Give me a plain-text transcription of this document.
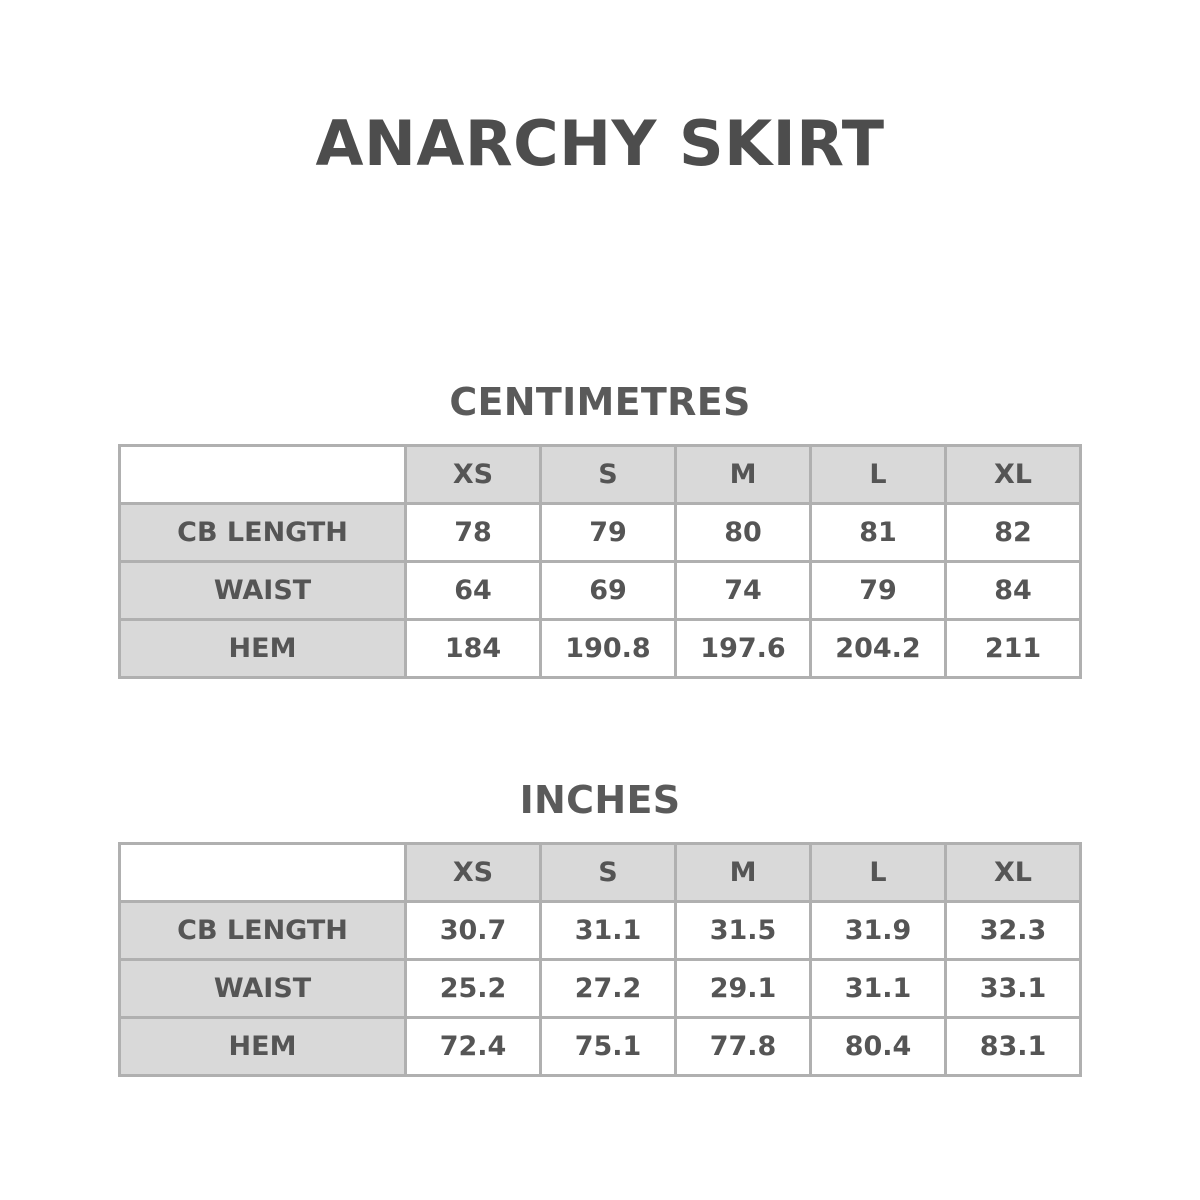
ANARCHY SKIRT
CENTIMETRES
	XS	S	M	L	XL
CB LENGTH	78	79	80	81	82
WAIST	64	69	74	79	84
HEM	184	190.8	197.6	204.2	211
INCHES
	XS	S	M	L	XL
CB LENGTH	30.7	31.1	31.5	31.9	32.3
WAIST	25.2	27.2	29.1	31.1	33.1
HEM	72.4	75.1	77.8	80.4	83.1
